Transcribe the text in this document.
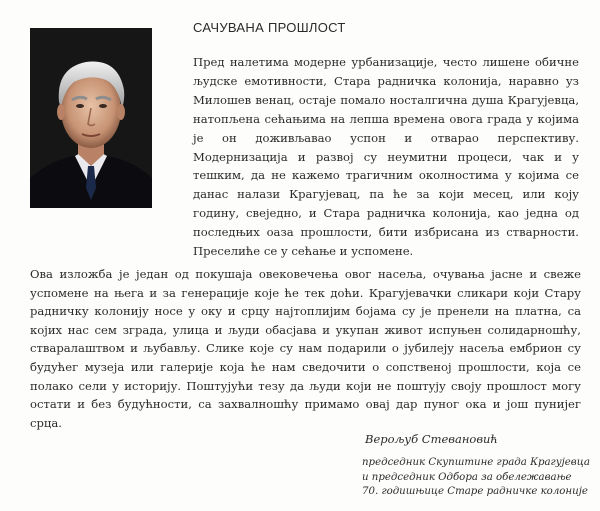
САЧУВАНА ПРОШЛОСТ

Пред налетима модерне урбанизације, често лишене обичне људске емотивности, Стара радничка колонија, наравно уз Милошев венац, остаје помало носталгична душа Крагујевца, натопљена сећањима на лепша времена овога града у којима је он доживљавао успон и отварао перспективу. Модернизација и развој су неумитни процеси, чак и у тешким, да не кажемо трагичним околностима у којима се данас налази Крагујевац, па ће за који месец, или коју годину, свеједно, и Стара радничка колонија, као једна од последњих оаза прошлости, бити избрисана из стварности. Преселиће се у сећање и успомене.

Ова изложба је један од покушаја овековечења овог насеља, очувања јасне и свеже успомене на њега и за генерације које ће тек доћи. Крагујевачки сликари који Стару радничку колонију носе у оку и срцу најтоплијим бојама су је пренели на платна, са којих нас сем зграда, улица и људи обасјава и укупан живот испуњен солидарношћу, стваралаштвом и љубављу. Слике које су нам подарили о јубилеју насеља ембрион су будућег музеја или галерије која ће нам сведочити о сопственој прошлости, која се полако сели у историју. Поштујући тезу да људи који не поштују своју прошлост могу остати и без будућности, са захвалношћу примамо овај дар пуног ока и још пунијег срца.

Верољуб Стевановић

председник Скупштине града Крагујевца
и председник Одбора за обележавање
70. годишњице Старе радничке колоније
